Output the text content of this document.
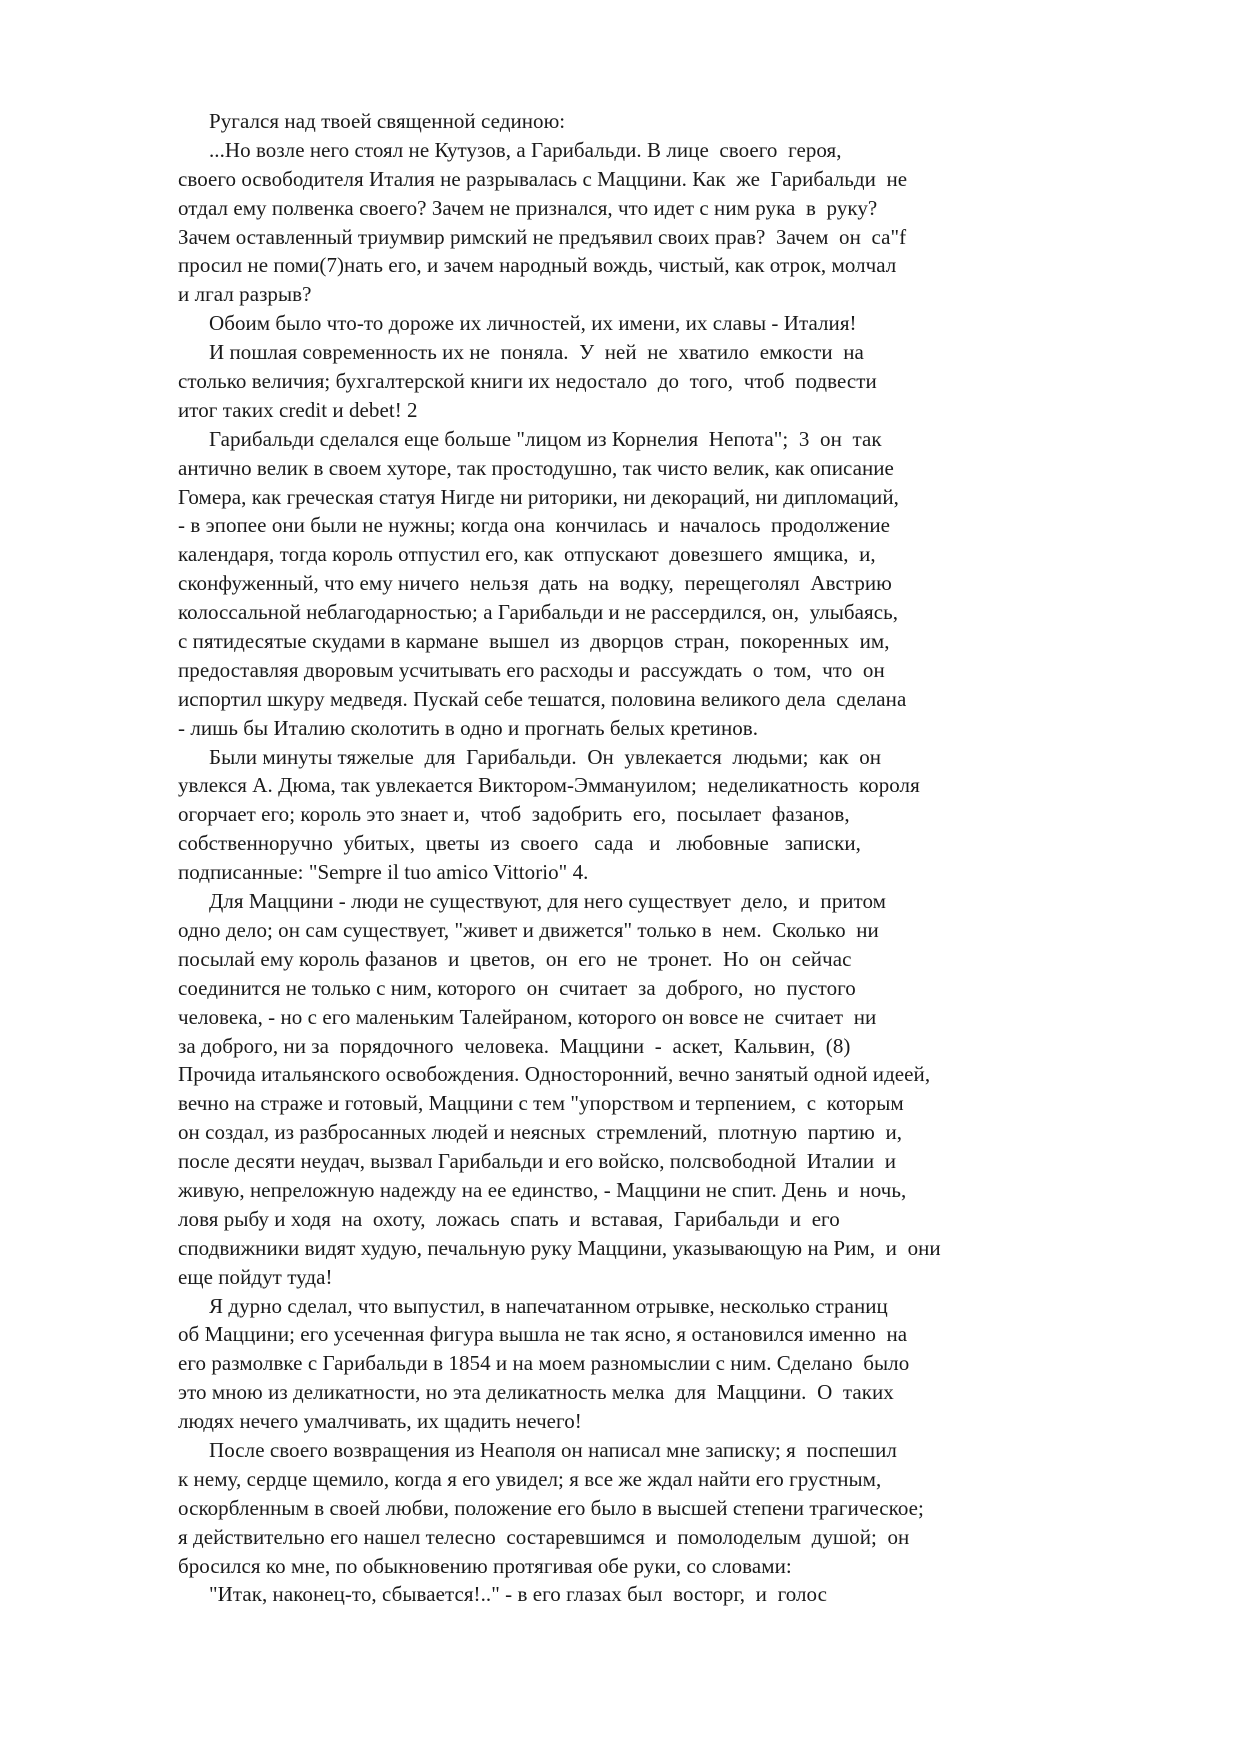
Ругался над твоей священной сединою:
...Но возле него стоял не Кутузов, а Гарибальди. В лице  своего  героя,
своего освободителя Италия не разрывалась с Маццини. Как  же  Гарибальди  не
отдал ему полвенка своего? Зачем не признался, что идет с ним рука  в  руку?
Зачем оставленный триумвир римский не предъявил своих прав?  Зачем  он  са"f
просил не поми(7)нать его, и зачем народный вождь, чистый, как отрок, молчал
и лгал разрыв?
Обоим было что-то дороже их личностей, их имени, их славы - Италия!
И пошлая современность их не  поняла.  У  ней  не  хватило  емкости  на
столько величия; бухгалтерской книги их недостало  до  того,  чтоб  подвести
итог таких credit и debet! 2
Гарибальди сделался еще больше "лицом из Корнелия  Непота";  3  он  так
антично велик в своем хуторе, так простодушно, так чисто велик, как описание
Гомера, как греческая статуя Нигде ни риторики, ни декораций, ни дипломаций,
- в эпопее они были не нужны; когда она  кончилась  и  началось  продолжение
календаря, тогда король отпустил его, как  отпускают  довезшего  ямщика,  и,
сконфуженный, что ему ничего  нельзя  дать  на  водку,  перещеголял  Австрию
колоссальной неблагодарностью; а Гарибальди и не рассердился, он,  улыбаясь,
с пятидесятые скудами в кармане  вышел  из  дворцов  стран,  покоренных  им,
предоставляя дворовым усчитывать его расходы и  рассуждать  о  том,  что  он
испортил шкуру медведя. Пускай себе тешатся, половина великого дела  сделана
- лишь бы Италию сколотить в одно и прогнать белых кретинов.
Были минуты тяжелые  для  Гарибальди.  Он  увлекается  людьми;  как  он
увлекся А. Дюма, так увлекается Виктором-Эммануилом;  неделикатность  короля
огорчает его; король это знает и,  чтоб  задобрить  его,  посылает  фазанов,
собственноручно  убитых,  цветы  из  своего   сада   и   любовные   записки,
подписанные: "Sempre il tuo amico Vittorio" 4.
Для Маццини - люди не существуют, для него существует  дело,  и  притом
одно дело; он сам существует, "живет и движется" только в  нем.  Сколько  ни
посылай ему король фазанов  и  цветов,  он  его  не  тронет.  Но  он  сейчас
соединится не только с ним, которого  он  считает  за  доброго,  но  пустого
человека, - но с его маленьким Талейраном, которого он вовсе не  считает  ни
за доброго, ни за  порядочного  человека.  Маццини  -  аскет,  Кальвин,  (8)
Прочида итальянского освобождения. Односторонний, вечно занятый одной идеей,
вечно на страже и готовый, Маццини с тем "упорством и терпением,  с  которым
он создал, из разбросанных людей и неясных  стремлений,  плотную  партию  и,
после десяти неудач, вызвал Гарибальди и его войско, полсвободной  Италии  и
живую, непреложную надежду на ее единство, - Маццини не спит. День  и  ночь,
ловя рыбу и ходя  на  охоту,  ложась  спать  и  вставая,  Гарибальди  и  его
сподвижники видят худую, печальную руку Маццини, указывающую на Рим,  и  они
еще пойдут туда!
Я дурно сделал, что выпустил, в напечатанном отрывке, несколько страниц
об Маццини; его усеченная фигура вышла не так ясно, я остановился именно  на
его размолвке с Гарибальди в 1854 и на моем разномыслии с ним. Сделано  было
это мною из деликатности, но эта деликатность мелка  для  Маццини.  О  таких
людях нечего умалчивать, их щадить нечего!
После своего возвращения из Неаполя он написал мне записку; я  поспешил
к нему, сердце щемило, когда я его увидел; я все же ждал найти его грустным,
оскорбленным в своей любви, положение его было в высшей степени трагическое;
я действительно его нашел телесно  состаревшимся  и  помолоделым  душой;  он
бросился ко мне, по обыкновению протягивая обе руки, со словами:
"Итак, наконец-то, сбывается!.." - в его глазах был  восторг,  и  голос
